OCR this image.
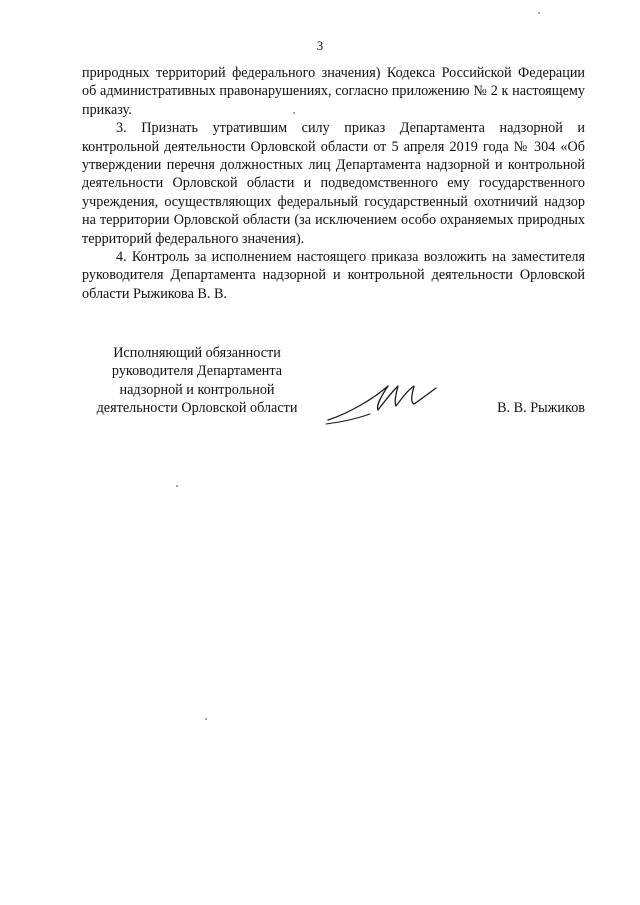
3

природных территорий федерального значения) Кодекса Российской Федерации об административных правонарушениях, согласно приложению № 2 к настоящему приказу.

3. Признать утратившим силу приказ Департамента надзорной и контрольной деятельности Орловской области от 5 апреля 2019 года № 304 «Об утверждении перечня должностных лиц Департамента надзорной и контрольной деятельности Орловской области и подведомственного ему государственного учреждения, осуществляющих федеральный государственный охотничий надзор на территории Орловской области (за исключением особо охраняемых природных территорий федерального значения).

4. Контроль за исполнением настоящего приказа возложить на заместителя руководителя Департамента надзорной и контрольной деятельности Орловской области Рыжикова В. В.

Исполняющий обязанности
руководителя Департамента
надзорной и контрольной
деятельности Орловской области	В. В. Рыжиков
